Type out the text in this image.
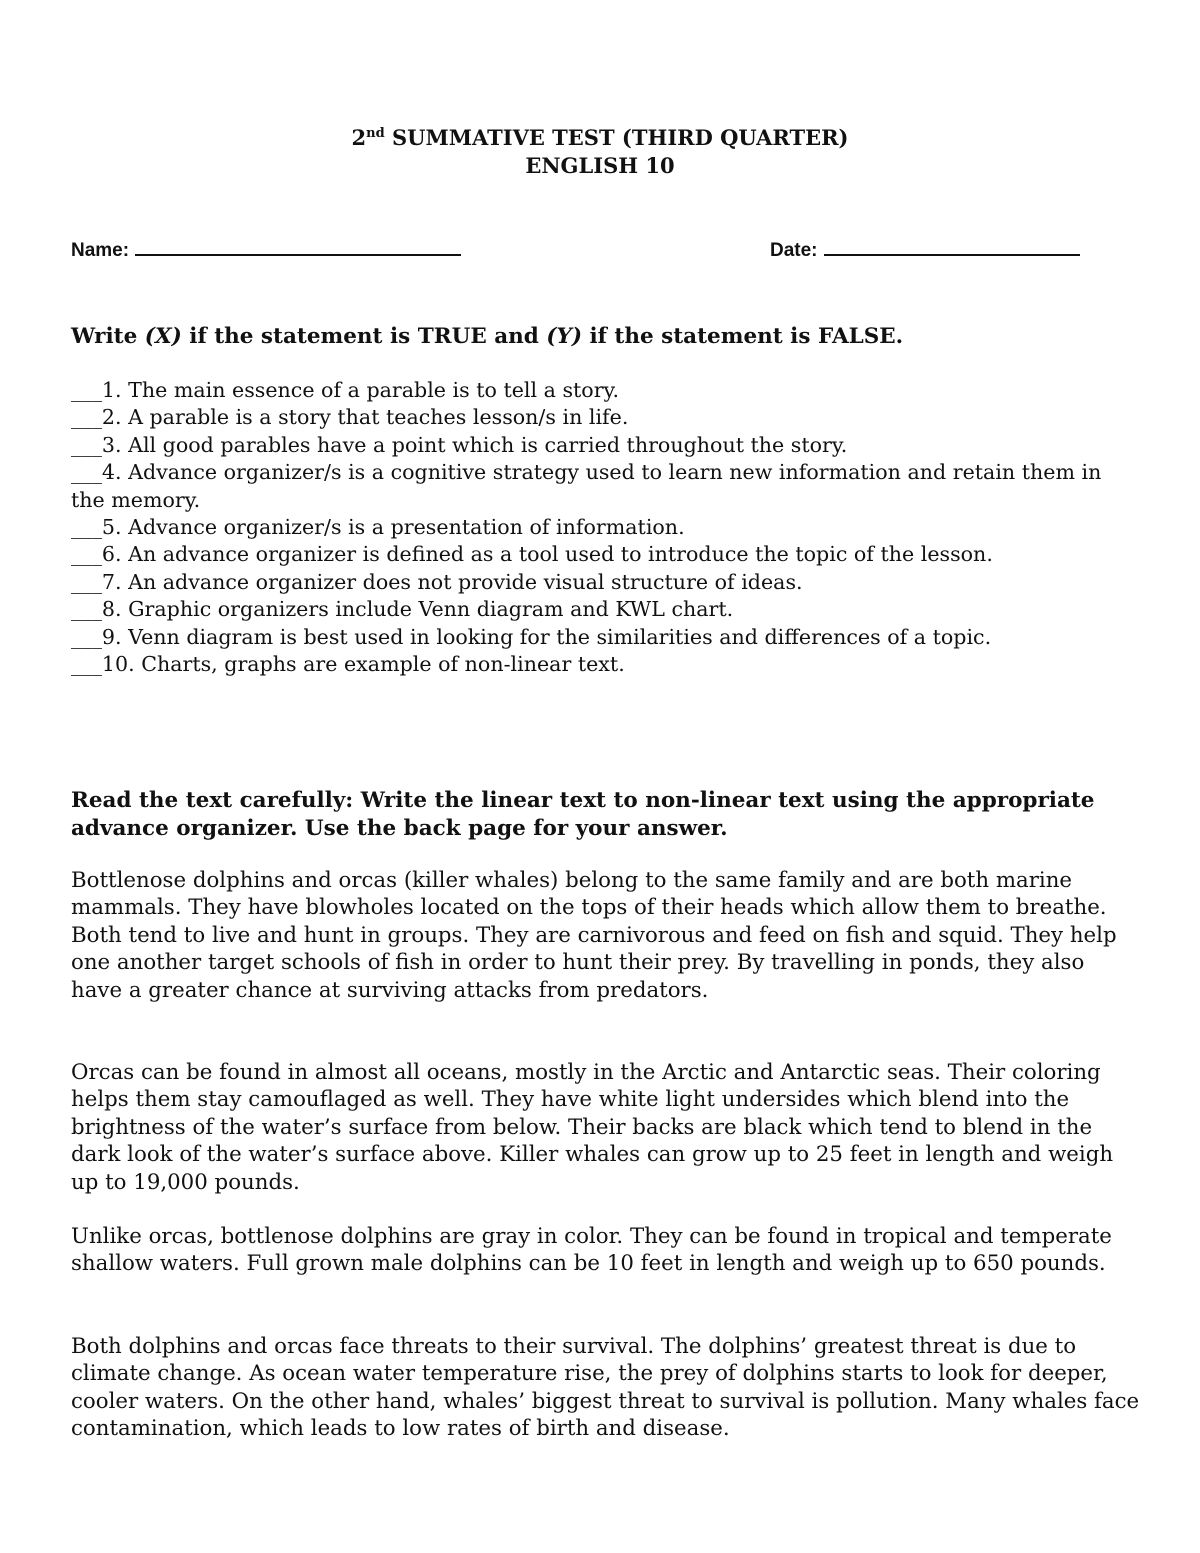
2nd SUMMATIVE TEST (THIRD QUARTER)
ENGLISH 10
Name:	Date:
Write (X) if the statement is TRUE and (Y) if the statement is FALSE.

___1. The main essence of a parable is to tell a story.

___2. A parable is a story that teaches lesson/s in life.

___3. All good parables have a point which is carried throughout the story.

___4. Advance organizer/s is a cognitive strategy used to learn new information and retain them in the memory.

___5. Advance organizer/s is a presentation of information.

___6. An advance organizer is defined as a tool used to introduce the topic of the lesson.

___7. An advance organizer does not provide visual structure of ideas.

___8. Graphic organizers include Venn diagram and KWL chart.

___9. Venn diagram is best used in looking for the similarities and differences of a topic.

___10. Charts, graphs are example of non-linear text.

Read the text carefully: Write the linear text to non-linear text using the appropriate advance organizer. Use the back page for your answer.

Bottlenose dolphins and orcas (killer whales) belong to the same family and are both marine mammals. They have blowholes located on the tops of their heads which allow them to breathe. Both tend to live and hunt in groups. They are carnivorous and feed on fish and squid. They help one another target schools of fish in order to hunt their prey. By travelling in ponds, they also have a greater chance at surviving attacks from predators.

Orcas can be found in almost all oceans, mostly in the Arctic and Antarctic seas. Their coloring helps them stay camouflaged as well. They have white light undersides which blend into the brightness of the water’s surface from below. Their backs are black which tend to blend in the dark look of the water’s surface above. Killer whales can grow up to 25 feet in length and weigh up to 19,000 pounds.

Unlike orcas, bottlenose dolphins are gray in color. They can be found in tropical and temperate shallow waters. Full grown male dolphins can be 10 feet in length and weigh up to 650 pounds.

Both dolphins and orcas face threats to their survival. The dolphins’ greatest threat is due to climate change. As ocean water temperature rise, the prey of dolphins starts to look for deeper, cooler waters. On the other hand, whales’ biggest threat to survival is pollution. Many whales face contamination, which leads to low rates of birth and disease.
